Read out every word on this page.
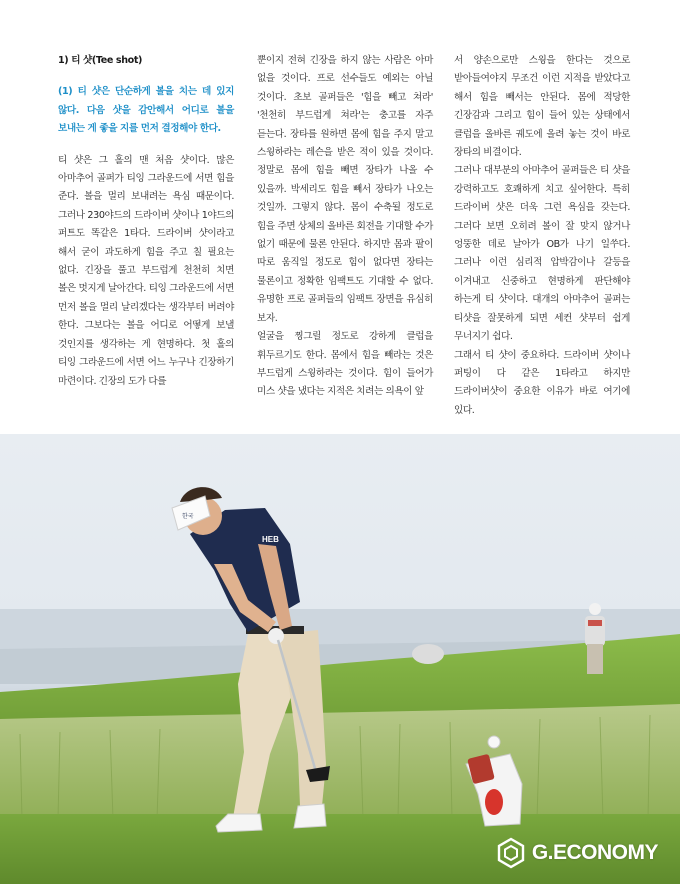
1) 티 샷(Tee shot)

(1) 티 샷은 단순하게 볼을 치는 데 있지 않다. 다음 샷을 감안해서 어디로 볼을 보내는 게 좋을 지를 먼저 결정해야 한다.

티 샷은 그 홀의 맨 처음 샷이다. 많은 아마추어 골퍼가 티잉 그라운드에 서면 힘을 준다. 볼을 멀리 보내려는 욕심 때문이다. 그러나 230야드의 드라이버 샷이나 1야드의 퍼트도 똑같은 1타다. 드라이버 샷이라고 해서 굳이 과도하게 힘을 주고 칠 필요는 없다. 긴장을 풀고 부드럽게 천천히 치면 볼은 멋지게 날아간다. 티잉 그라운드에 서면 먼저 볼을 멀리 날리겠다는 생각부터 버려야 한다. 그보다는 볼을 어디로 어떻게 보낼 것인지를 생각하는 게 현명하다. 첫 홀의 티잉 그라운드에 서면 어느 누구나 긴장하기 마련이다. 긴장의 도가 다를

뿐이지 전혀 긴장을 하지 않는 사람은 아마 없을 것이다. 프로 선수들도 예외는 아닐 것이다. 초보 골퍼들은 '힘을 빼고 쳐라' '천천히 부드럽게 쳐라'는 충고를 자주 듣는다. 장타를 원하면 몸에 힘을 주지 말고 스윙하라는 레슨을 받은 적이 있을 것이다. 정말로 몸에 힘을 빼면 장타가 나올 수 있을까. 박세리도 힘을 빼서 장타가 나오는 것일까. 그렇지 않다. 몸이 수축될 정도로 힘을 주면 상체의 올바른 회전을 기대할 수가 없기 때문에 물론 안된다. 하지만 몸과 팔이 따로 움직일 정도로 힘이 없다면 장타는 물론이고 정확한 임팩트도 기대할 수 없다. 유명한 프로 골퍼들의 임팩트 장면을 유심히 보자.

얼굴을 찡그릴 정도로 강하게 클럽을 휘두르기도 한다. 몸에서 힘을 빼라는 것은 부드럽게 스윙하라는 것이다. 힘이 들어가 미스 샷을 냈다는 지적은 치려는 의욕이 앞

서 양손으로만 스윙을 한다는 것으로 받아들여야지 무조건 이런 지적을 받았다고 해서 힘을 빼서는 안된다. 몸에 적당한 긴장감과 그리고 힘이 들어 있는 상태에서 클럽을 올바른 궤도에 올려 놓는 것이 바로 장타의 비결이다.

그러나 대부분의 아마추어 골퍼들은 티 샷을 강력하고도 호쾌하게 치고 싶어한다. 특히 드라이버 샷은 더욱 그런 욕심을 갖는다. 그러다 보면 오히려 볼이 잘 맞지 않거나 엉뚱한 데로 날아가 OB가 나기 일쑤다. 그러나 이런 심리적 압박감이나 갈등을 이겨내고 신중하고 현명하게 판단해야 하는게 티 샷이다. 대개의 아마추어 골퍼는 티샷을 잘못하게 되면 세컨 샷부터 쉽게 무너지기 쉽다.

그래서 티 샷이 중요하다. 드라이버 샷이나 퍼팅이 다 같은 1타라고 하지만 드라이버샷이 중요한 이유가 바로 여기에 있다.

HEB
한국
G.ECONOMY
